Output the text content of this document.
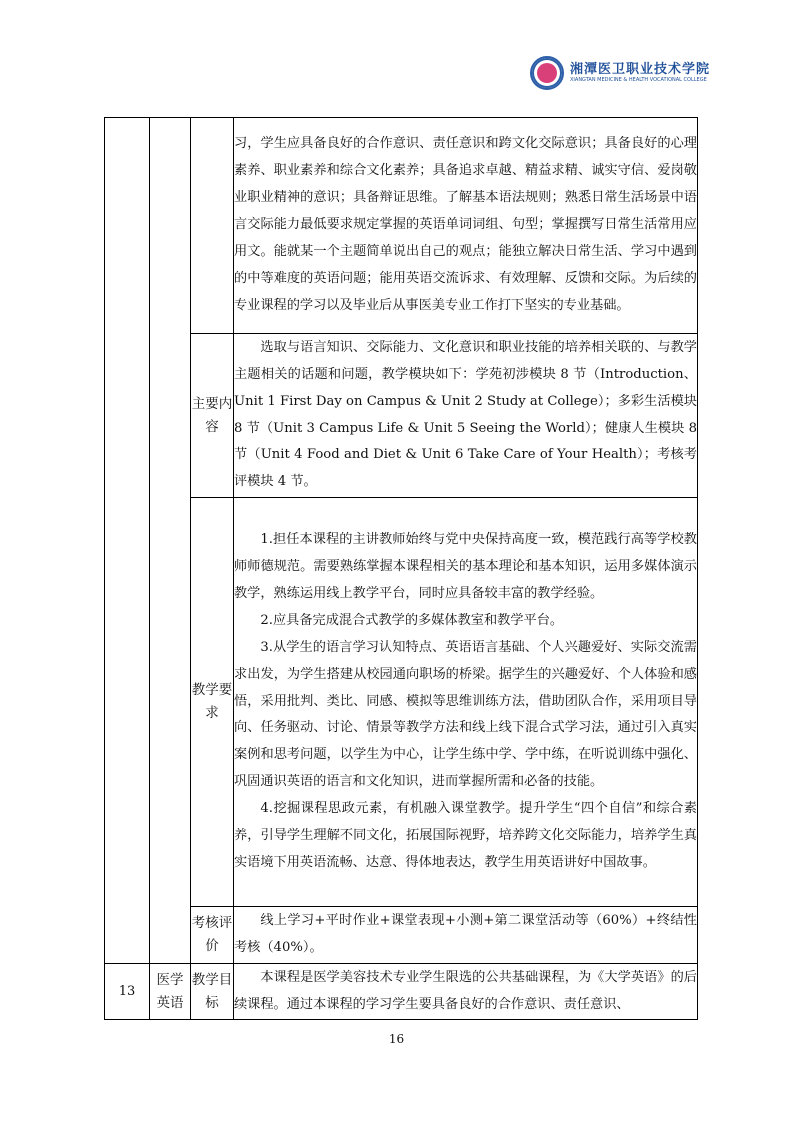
湘潭医卫职业技术学院
XIANGTAN MEDICINE & HEALTH VOCATIONAL COLLEGE

			习，学生应具备良好的合作意识、责任意识和跨文化交际意识；具备良好的心理素养、职业素养和综合文化素养；具备追求卓越、精益求精、诚实守信、爱岗敬业职业精神的意识；具备辩证思维。了解基本语法规则；熟悉日常生活场景中语言交际能力最低要求规定掌握的英语单词词组、句型；掌握撰写日常生活常用应用文。能就某一个主题简单说出自己的观点；能独立解决日常生活、学习中遇到的中等难度的英语问题；能用英语交流诉求、有效理解、反馈和交际。为后续的专业课程的学习以及毕业后从事医美专业工作打下坚实的专业基础。

		主要内容	选取与语言知识、交际能力、文化意识和职业技能的培养相关联的、与教学主题相关的话题和问题，教学模块如下：学苑初涉模块 8 节（Introduction、Unit 1 First Day on Campus & Unit 2 Study at College）；多彩生活模块 8 节（Unit 3 Campus Life & Unit 5 Seeing the World）；健康人生模块 8 节（Unit 4 Food and Diet & Unit 6 Take Care of Your Health）；考核考评模块 4 节。

		教学要求	1.担任本课程的主讲教师始终与党中央保持高度一致，模范践行高等学校教师师德规范。需要熟练掌握本课程相关的基本理论和基本知识，运用多媒体演示教学，熟练运用线上教学平台，同时应具备较丰富的教学经验。

2.应具备完成混合式教学的多媒体教室和教学平台。

3.从学生的语言学习认知特点、英语语言基础、个人兴趣爱好、实际交流需求出发，为学生搭建从校园通向职场的桥梁。据学生的兴趣爱好、个人体验和感悟，采用批判、类比、同感、模拟等思维训练方法，借助团队合作，采用项目导向、任务驱动、讨论、情景等教学方法和线上线下混合式学习法，通过引入真实案例和思考问题，以学生为中心，让学生练中学、学中练，在听说训练中强化、巩固通识英语的语言和文化知识，进而掌握所需和必备的技能。

4.挖掘课程思政元素，有机融入课堂教学。提升学生“四个自信”和综合素养，引导学生理解不同文化，拓展国际视野，培养跨文化交际能力，培养学生真实语境下用英语流畅、达意、得体地表达，教学生用英语讲好中国故事。

		考核评价	线上学习+平时作业+课堂表现+小测+第二课堂活动等（60%）+终结性考核（40%）。

13	医学英语	教学目标	本课程是医学美容技术专业学生限选的公共基础课程，为《大学英语》的后续课程。通过本课程的学习学生要具备良好的合作意识、责任意识、

16
